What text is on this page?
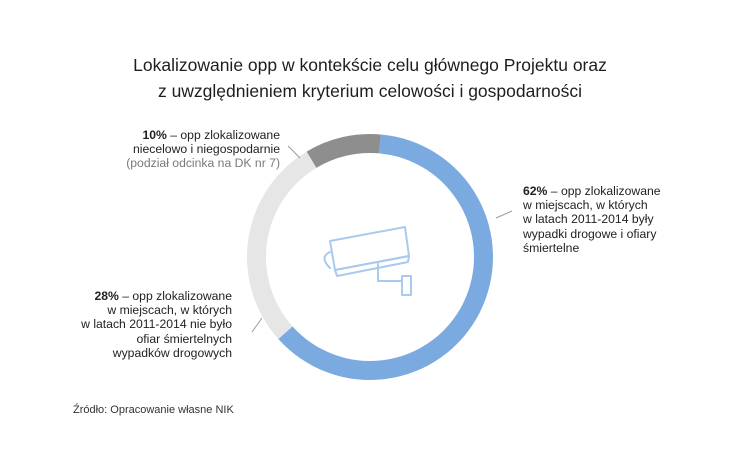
Lokalizowanie opp w kontekście celu głównego Projektu oraz
z uwzględnieniem kryterium celowości i gospodarności
10% – opp zlokalizowane
niecelowo i niegospodarnie
(podział odcinka na DK nr 7)
62% – opp zlokalizowane
w miejscach, w których
w latach 2011-2014 były
wypadki drogowe i ofiary
śmiertelne
28% – opp zlokalizowane
w miejscach, w których
w latach 2011-2014 nie było
ofiar śmiertelnych
wypadków drogowych
Źródło: Opracowanie własne NIK
